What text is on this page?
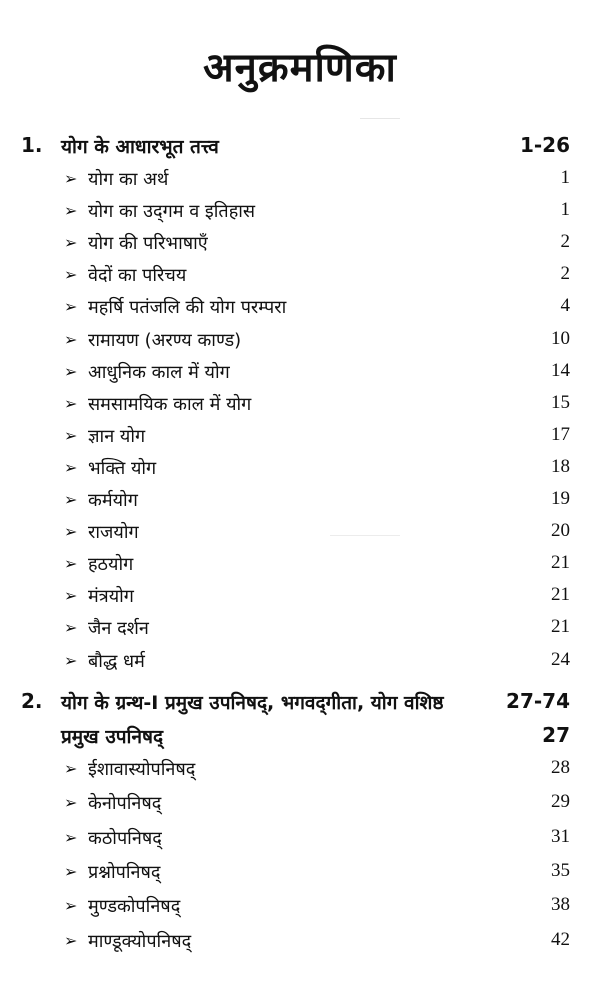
अनुक्रमणिका
1. योग के आधारभूत तत्त्व	1-26
➢ योग का अर्थ	1
➢ योग का उद्‌गम व इतिहास	1
➢ योग की परिभाषाएँ	2
➢ वेदों का परिचय	2
➢ महर्षि पतंजलि की योग परम्परा	4
➢ रामायण (अरण्य काण्ड)	10
➢ आधुनिक काल में योग	14
➢ समसामयिक काल में योग	15
➢ ज्ञान योग	17
➢ भक्ति योग	18
➢ कर्मयोग	19
➢ राजयोग	20
➢ हठयोग	21
➢ मंत्रयोग	21
➢ जैन दर्शन	21
➢ बौद्ध धर्म	24
2. योग के ग्रन्थ-I प्रमुख उपनिषद्, भगवद्‌गीता, योग वशिष्ठ	27-74
प्रमुख उपनिषद्	27
➢ ईशावास्योपनिषद्	28
➢ केनोपनिषद्	29
➢ कठोपनिषद्	31
➢ प्रश्नोपनिषद्	35
➢ मुण्डकोपनिषद्	38
➢ माण्डूक्योपनिषद्	42
